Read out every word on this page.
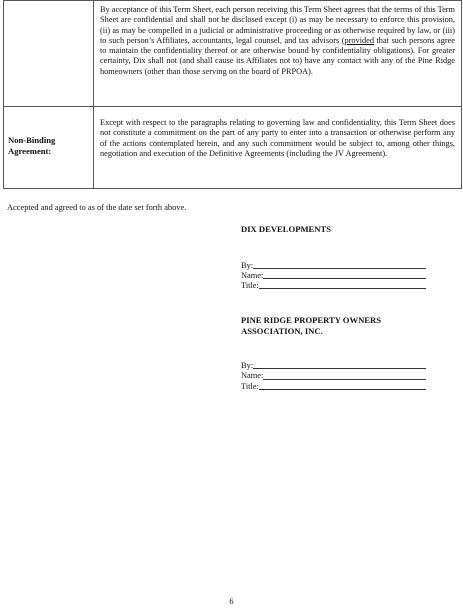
	By acceptance of this Term Sheet, each person receiving this Term Sheet agrees that the terms of this Term Sheet are confidential and shall not be disclosed except (i) as may be necessary to enforce this provision, (ii) as may be compelled in a judicial or administrative proceeding or as otherwise required by law, or (iii) to such person’s Affiliates, accountants, legal counsel, and tax advisors (provided that such persons agree to maintain the confidentiality thereof or are otherwise bound by confidentiality obligations). For greater certainty, Dix shall not (and shall cause its Affiliates not to) have any contact with any of the Pine Ridge homeowners (other than those serving on the board of PRPOA).

Non-Binding Agreement:	Except with respect to the paragraphs relating to governing law and confidentiality, this Term Sheet does not constitute a commitment on the part of any party to enter into a transaction or otherwise perform any of the actions contemplated herein, and any such commitment would be subject to, among other things, negotiation and execution of the Definitive Agreements (including the JV Agreement).

Accepted and agreed to as of the date set forth above.

DIX DEVELOPMENTS

By:
Name:
Title:

PINE RIDGE PROPERTY OWNERS

ASSOCIATION, INC.

By:
Name:
Title:
6
